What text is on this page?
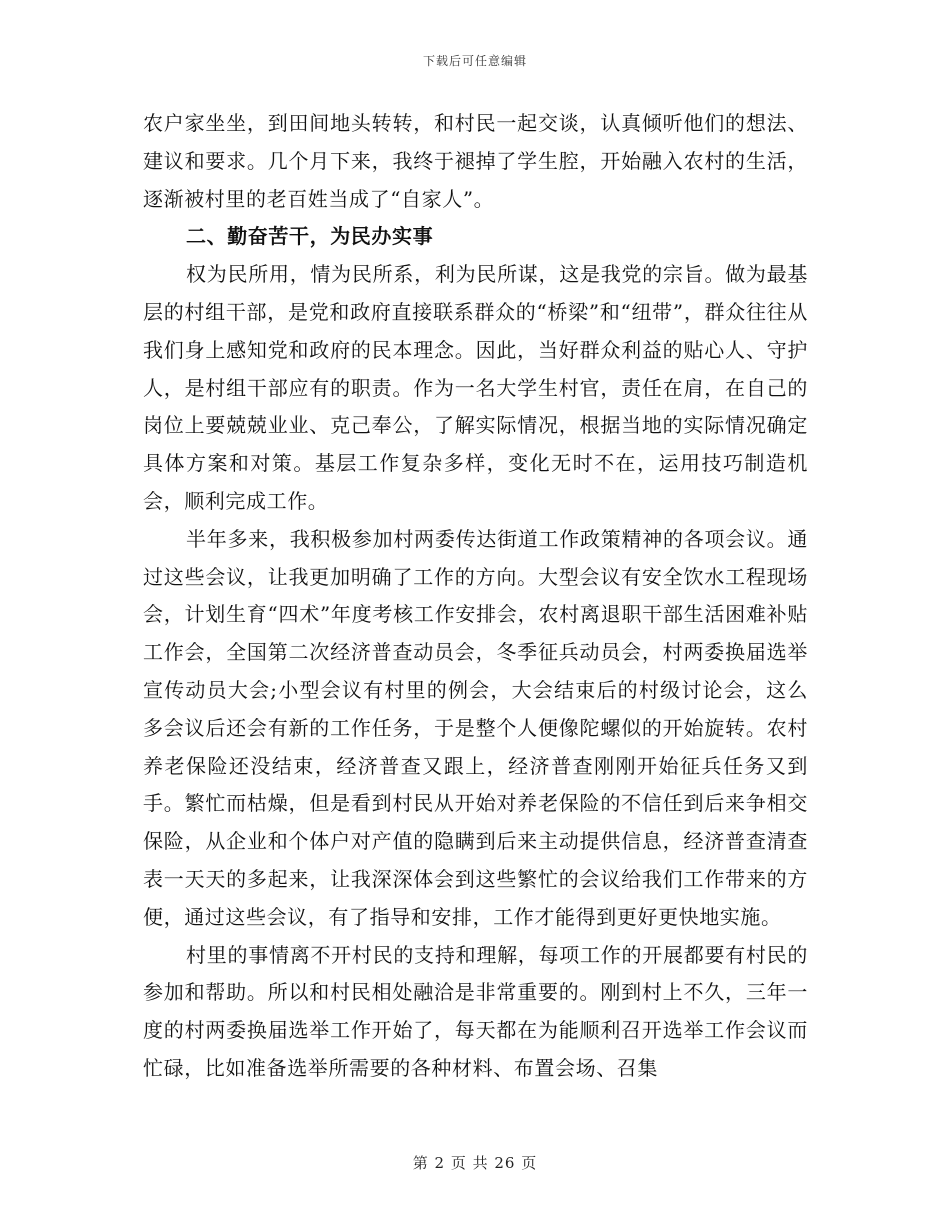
下载后可任意编辑

农户家坐坐，到田间地头转转，和村民一起交谈，认真倾听他们的想法、建议和要求。几个月下来，我终于褪掉了学生腔，开始融入农村的生活，逐渐被村里的老百姓当成了“自家人”。

二、勤奋苦干，为民办实事

权为民所用，情为民所系，利为民所谋，这是我党的宗旨。做为最基层的村组干部，是党和政府直接联系群众的“桥梁”和“纽带”，群众往往从我们身上感知党和政府的民本理念。因此，当好群众利益的贴心人、守护人，是村组干部应有的职责。作为一名大学生村官，责任在肩，在自己的岗位上要兢兢业业、克己奉公，了解实际情况，根据当地的实际情况确定具体方案和对策。基层工作复杂多样，变化无时不在，运用技巧制造机会，顺利完成工作。

半年多来，我积极参加村两委传达街道工作政策精神的各项会议。通过这些会议，让我更加明确了工作的方向。大型会议有安全饮水工程现场会，计划生育“四术”年度考核工作安排会，农村离退职干部生活困难补贴工作会，全国第二次经济普查动员会，冬季征兵动员会，村两委换届选举宣传动员大会;小型会议有村里的例会，大会结束后的村级讨论会，这么多会议后还会有新的工作任务，于是整个人便像陀螺似的开始旋转。农村养老保险还没结束，经济普查又跟上，经济普查刚刚开始征兵任务又到手。繁忙而枯燥，但是看到村民从开始对养老保险的不信任到后来争相交保险，从企业和个体户对产值的隐瞒到后来主动提供信息，经济普查清查表一天天的多起来，让我深深体会到这些繁忙的会议给我们工作带来的方便，通过这些会议，有了指导和安排，工作才能得到更好更快地实施。

村里的事情离不开村民的支持和理解，每项工作的开展都要有村民的参加和帮助。所以和村民相处融洽是非常重要的。刚到村上不久，三年一度的村两委换届选举工作开始了，每天都在为能顺利召开选举工作会议而忙碌，比如准备选举所需要的各种材料、布置会场、召集

第 2 页 共 26 页
